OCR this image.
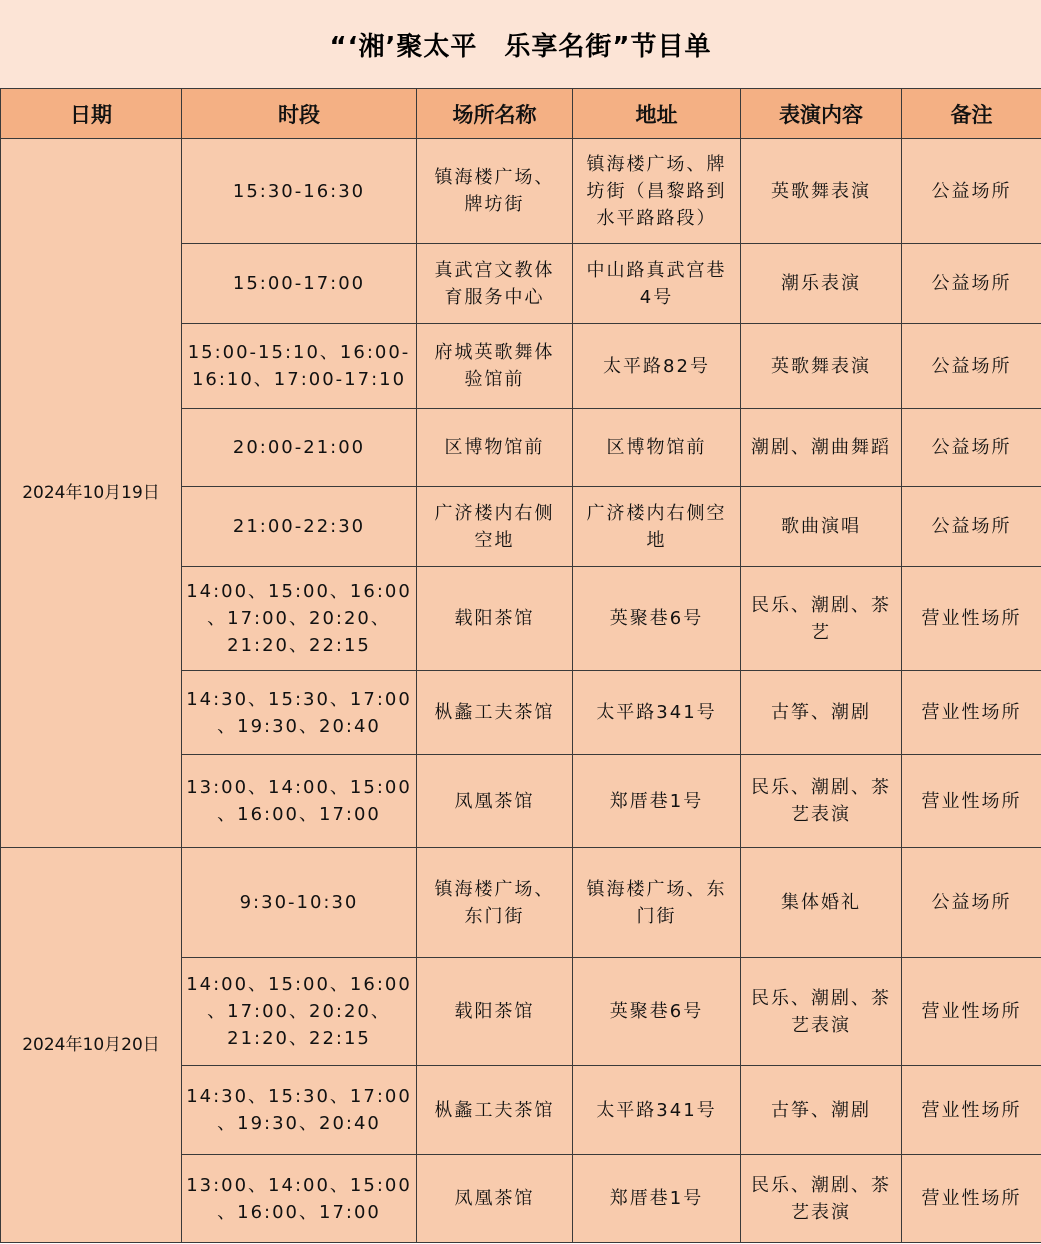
“‘湘’聚太平　乐享名街”节目单
日期	时段	场所名称	地址	表演内容	备注
2024年10月19日	15:30-16:30	镇海楼广场、
牌坊街	镇海楼广场、牌
坊街（昌黎路到
水平路路段）	英歌舞表演	公益场所

	15:00-17:00	真武宫文教体
育服务中心	中山路真武宫巷
4号	潮乐表演	公益场所

	15:00-15:10、16:00-
16:10、17:00-17:10	府城英歌舞体
验馆前	太平路82号	英歌舞表演	公益场所

	20:00-21:00	区博物馆前	区博物馆前	潮剧、潮曲舞蹈	公益场所

	21:00-22:30	广济楼内右侧
空地	广济楼内右侧空
地	歌曲演唱	公益场所

	14:00、15:00、16:00
、17:00、20:20、
21:20、22:15	载阳茶馆	英聚巷6号	民乐、潮剧、茶
艺	营业性场所

	14:30、15:30、17:00
、19:30、20:40	枞蠡工夫茶馆	太平路341号	古筝、潮剧	营业性场所

	13:00、14:00、15:00
、16:00、17:00	凤凰茶馆	郑厝巷1号	民乐、潮剧、茶
艺表演	营业性场所
2024年10月20日	9:30-10:30	镇海楼广场、
东门街	镇海楼广场、东
门街	集体婚礼	公益场所

	14:00、15:00、16:00
、17:00、20:20、
21:20、22:15	载阳茶馆	英聚巷6号	民乐、潮剧、茶
艺表演	营业性场所

	14:30、15:30、17:00
、19:30、20:40	枞蠡工夫茶馆	太平路341号	古筝、潮剧	营业性场所

	13:00、14:00、15:00
、16:00、17:00	凤凰茶馆	郑厝巷1号	民乐、潮剧、茶
艺表演	营业性场所
